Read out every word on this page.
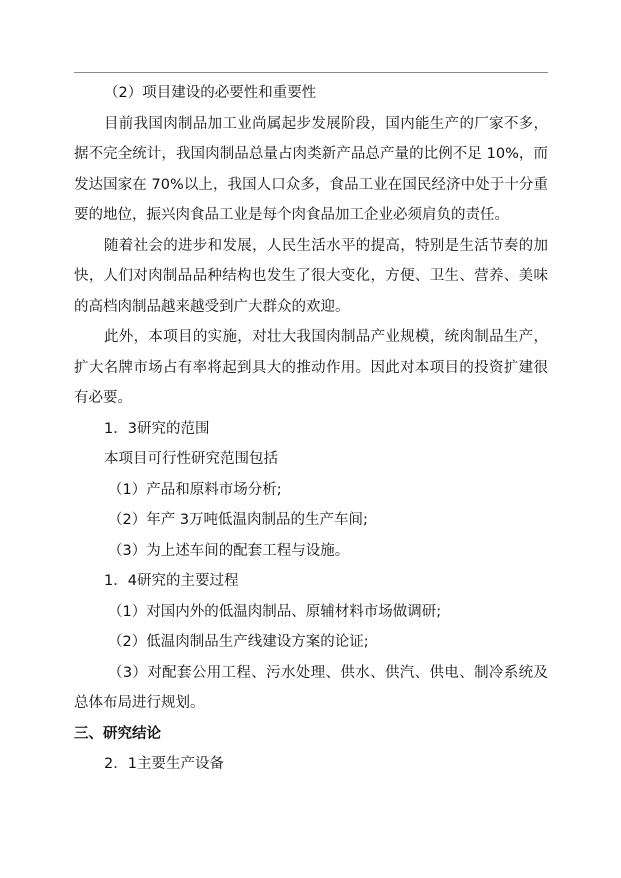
（2）项目建设的必要性和重要性
目前我国肉制品加工业尚属起步发展阶段，国内能生产的厂家不多，
据不完全统计，我国肉制品总量占肉类新产品总产量的比例不足 10%，而
发达国家在 70%以上，我国人口众多，食品工业在国民经济中处于十分重
要的地位，振兴肉食品工业是每个肉食品加工企业必须肩负的责任。
随着社会的进步和发展，人民生活水平的提高，特别是生活节奏的加
快，人们对肉制品品种结构也发生了很大变化，方便、卫生、营养、美味
的高档肉制品越来越受到广大群众的欢迎。
此外，本项目的实施，对壮大我国肉制品产业规模，统肉制品生产，
扩大名牌市场占有率将起到具大的推动作用。因此对本项目的投资扩建很
有必要。
1．3研究的范围
本项目可行性研究范围包括
（1）产品和原料市场分析;
（2）年产 3万吨低温肉制品的生产车间;
（3）为上述车间的配套工程与设施。
1．4研究的主要过程
（1）对国内外的低温肉制品、原辅材料市场做调研;
（2）低温肉制品生产线建设方案的论证;
（3）对配套公用工程、污水处理、供水、供汽、供电、制冷系统及
总体布局进行规划。
三、研究结论
2．1主要生产设备
